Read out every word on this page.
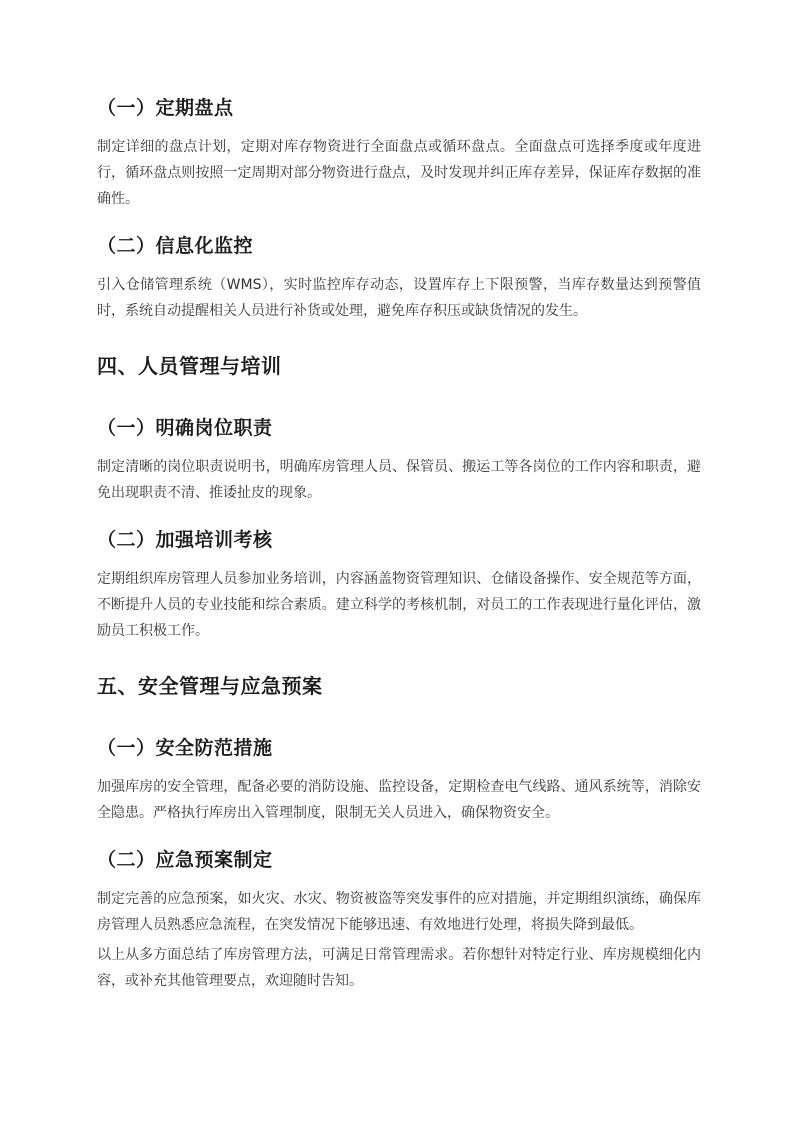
（一）定期盘点

制定详细的盘点计划，定期对库存物资进行全面盘点或循环盘点。全面盘点可选择季度或年度进行，循环盘点则按照一定周期对部分物资进行盘点，及时发现并纠正库存差异，保证库存数据的准确性。

（二）信息化监控

引入仓储管理系统（WMS），实时监控库存动态，设置库存上下限预警，当库存数量达到预警值时，系统自动提醒相关人员进行补货或处理，避免库存积压或缺货情况的发生。

四、人员管理与培训
（一）明确岗位职责

制定清晰的岗位职责说明书，明确库房管理人员、保管员、搬运工等各岗位的工作内容和职责，避免出现职责不清、推诿扯皮的现象。

（二）加强培训考核

定期组织库房管理人员参加业务培训，内容涵盖物资管理知识、仓储设备操作、安全规范等方面，不断提升人员的专业技能和综合素质。建立科学的考核机制，对员工的工作表现进行量化评估，激励员工积极工作。

五、安全管理与应急预案
（一）安全防范措施

加强库房的安全管理，配备必要的消防设施、监控设备，定期检查电气线路、通风系统等，消除安全隐患。严格执行库房出入管理制度，限制无关人员进入，确保物资安全。

（二）应急预案制定

制定完善的应急预案，如火灾、水灾、物资被盗等突发事件的应对措施，并定期组织演练，确保库房管理人员熟悉应急流程，在突发情况下能够迅速、有效地进行处理，将损失降到最低。

以上从多方面总结了库房管理方法，可满足日常管理需求。若你想针对特定行业、库房规模细化内容，或补充其他管理要点，欢迎随时告知。
